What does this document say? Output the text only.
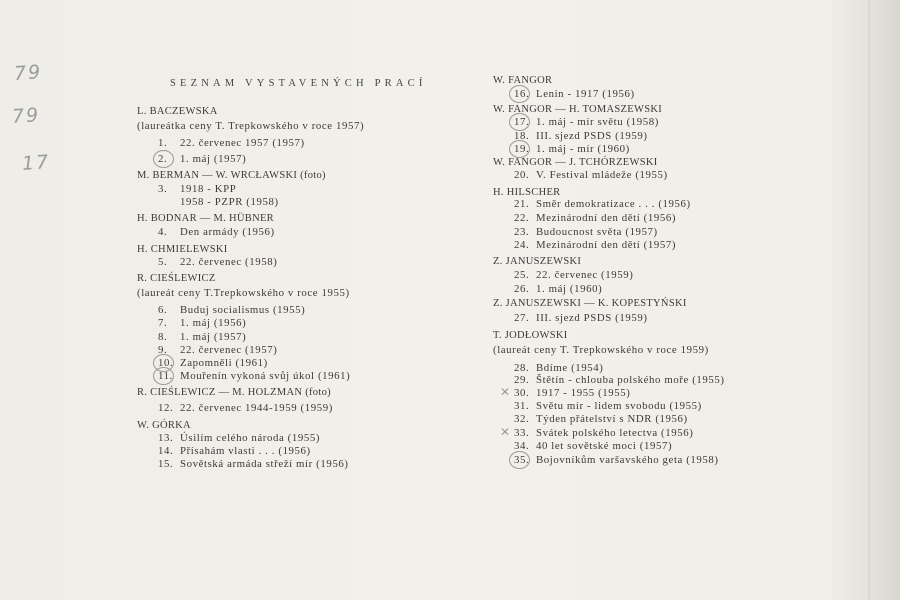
SEZNAM VYSTAVENÝCH PRACÍ
79
79
17
L. BACZEWSKA
(laureátka ceny T. Trepkowského v roce 1957)
1. 22. červenec 1957 (1957)
2. 1. máj (1957)
M. BERMAN — W. WRCŁAWSKI (foto)
3. 1918 - KPP
1958 - PZPR (1958)
H. BODNAR — M. HÜBNER
4. Den armády (1956)
H. CHMIELEWSKI
5. 22. červenec (1958)
R. CIEŚLEWICZ
(laureát ceny T.Trepkowského v roce 1955)
6. Buduj socialismus (1955)
7. 1. máj (1956)
8. 1. máj (1957)
9. 22. červenec (1957)
10. Zapomněli (1961)
11. Mouřenín vykoná svůj úkol (1961)
R. CIEŚLEWICZ — M. HOLZMAN (foto)
12. 22. červenec 1944-1959 (1959)
W. GÓRKA
13. Úsilím celého národa (1955)
14. Přísahám vlasti . . . (1956)
15. Sovětská armáda střeží mír (1956)
W. FANGOR
16. Lenin - 1917 (1956)
W. FANGOR — H. TOMASZEWSKI
17. 1. máj - mír světu (1958)
18. III. sjezd PSDS (1959)
19. 1. máj - mír (1960)
W. FANGOR — J. TCHÓRZEWSKI
20. V. Festival mládeže (1955)
H. HILSCHER
21. Směr demokratizace . . . (1956)
22. Mezinárodní den dětí (1956)
23. Budoucnost světa (1957)
24. Mezinárodní den dětí (1957)
Z. JANUSZEWSKI
25. 22. červenec (1959)
26. 1. máj (1960)
Z. JANUSZEWSKI — K. KOPESTYŃSKI
27. III. sjezd PSDS (1959)
T. JODŁOWSKI
(laureát ceny T. Trepkowského v roce 1959)
28. Bdíme (1954)
29. Štětín - chlouba polského moře (1955)
✕ 30. 1917 - 1955 (1955)
31. Světu mír - lidem svobodu (1955)
32. Týden přátelství s NDR (1956)
✕ 33. Svátek polského letectva (1956)
34. 40 let sovětské moci (1957)
35. Bojovníkům varšavského geta (1958)
